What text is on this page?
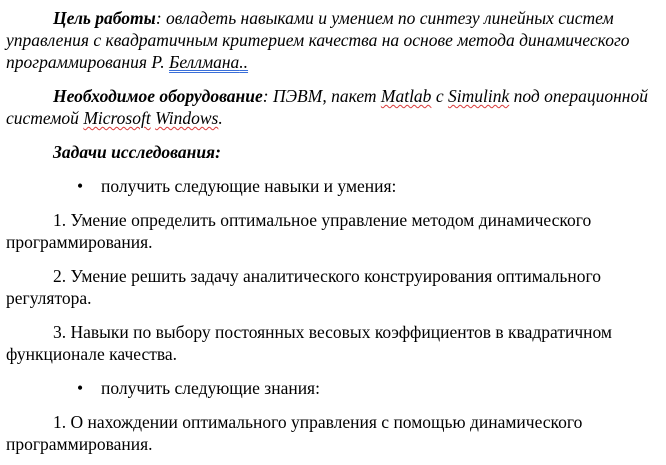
Цель работы: овладеть навыками и умением по синтезу линейных систем управления с квадратичным критерием качества на основе метода динамического программирования Р. Беллмана..

Необходимое оборудование: ПЭВМ, пакет Matlab с Simulink под операционной системой Microsoft Windows.

Задачи исследования:

• получить следующие навыки и умения:

1. Умение определить оптимальное управление методом динамического программирования.

2. Умение решить задачу аналитического конструирования оптимального регулятора.

3. Навыки по выбору постоянных весовых коэффициентов в квадратичном функционале качества.

• получить следующие знания:

1. О нахождении оптимального управления с помощью динамического программирования.
